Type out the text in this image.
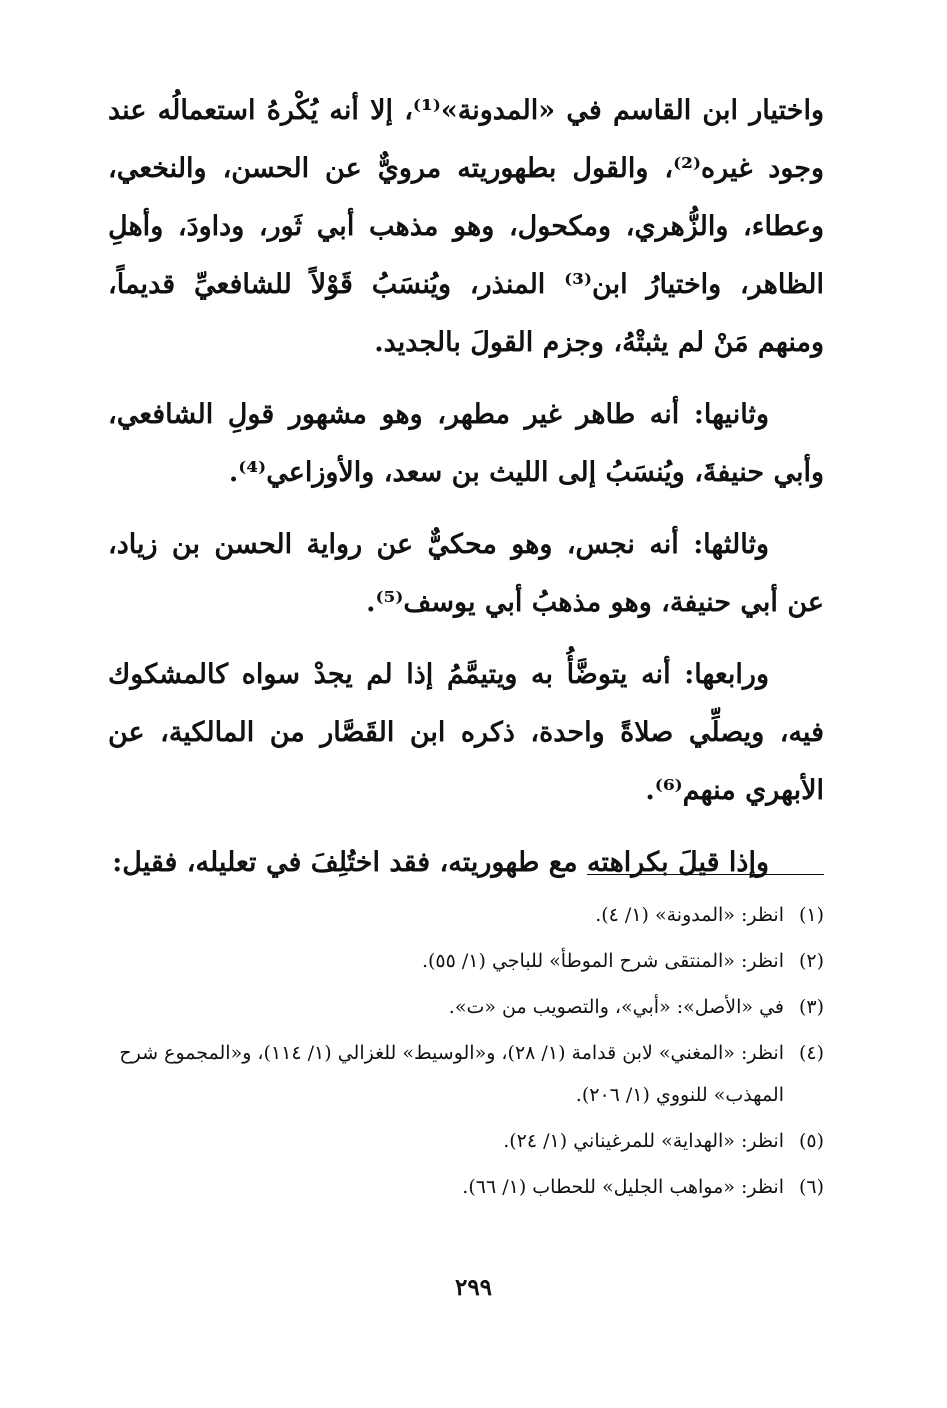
واختيار ابن القاسم في «المدونة»⁽¹⁾، إلا أنه يُكْرهُ استعمالُه عند وجود غيره⁽²⁾، والقول بطهوريته مرويٌّ عن الحسن، والنخعي، وعطاء، والزُّهري، ومكحول، وهو مذهب أبي ثَور، وداودَ، وأهلِ الظاهر، واختيارُ ابن⁽³⁾ المنذر، ويُنسَبُ قَوْلاً للشافعيِّ قديماً، ومنهم مَنْ لم يثبتْهُ، وجزم القولَ بالجديد.

وثانيها: أنه طاهر غير مطهر، وهو مشهور قولِ الشافعي، وأبي حنيفةَ، ويُنسَبُ إلى الليث بن سعد، والأوزاعي⁽⁴⁾.

وثالثها: أنه نجس، وهو محكيٌّ عن رواية الحسن بن زياد، عن أبي حنيفة، وهو مذهبُ أبي يوسف⁽⁵⁾.

ورابعها: أنه يتوضَّأُ به ويتيمَّمُ إذا لم يجدْ سواه كالمشكوك فيه، ويصلِّي صلاةً واحدة، ذكره ابن القَصَّار من المالكية، عن الأبهري منهم⁽⁶⁾.

وإذا قيلَ بكراهته مع طهوريته، فقد اختُلِفَ في تعليله، فقيل:

(١)
انظر: «المدونة» (١/ ٤).
(٢)
انظر: «المنتقى شرح الموطأ» للباجي (١/ ٥٥).
(٣)
في «الأصل»: «أبي»، والتصويب من «ت».
(٤)
انظر: «المغني» لابن قدامة (١/ ٢٨)، و«الوسيط» للغزالي (١/ ١١٤)، و«المجموع شرح المهذب» للنووي (١/ ٢٠٦).
(٥)
انظر: «الهداية» للمرغيناني (١/ ٢٤).
(٦)
انظر: «مواهب الجليل» للحطاب (١/ ٦٦).
٢٩٩
